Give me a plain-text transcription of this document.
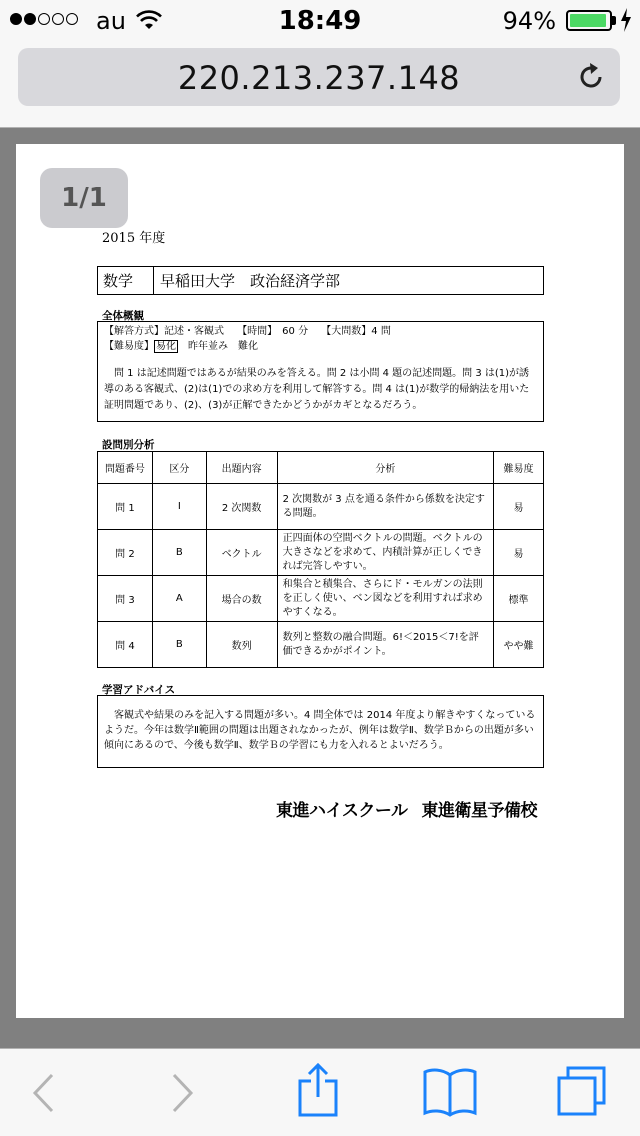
au	18:49	94%
220.213.237.148
1/1
2015 年度
数学	早稲田大学　政治経済学部
全体概観
【解答方式】記述・客観式 【時間】　60 分 【大問数】4 問
【難易度】 易化 昨年並み 難化
問 1 は記述問題ではあるが結果のみを答える。問 2 は小問 4 題の記述問題。問 3 は(1)が誘導のある客観式、(2)は(1)での求め方を利用して解答する。問 4 は(1)が数学的帰納法を用いた証明問題であり、(2)、(3)が正解できたかどうかがカギとなるだろう。
設問別分析
問題番号	区分	出題内容	分析	難易度
問 1	I	2 次関数	2 次関数が 3 点を通る条件から係数を決定する問題。	易
問 2	B	ベクトル	正四面体の空間ベクトルの問題。ベクトルの大きさなどを求めて、内積計算が正しくできれば完答しやすい。	易
問 3	A	場合の数	和集合と積集合、さらにド・モルガンの法則を正しく使い、ベン図などを利用すれば求めやすくなる。	標準
問 4	B	数列	数列と整数の融合問題。6!＜2015＜7!を評価できるかがポイント。	やや難
学習アドバイス
客観式や結果のみを記入する問題が多い。4 問全体では 2014 年度より解きやすくなっているようだ。今年は数学Ⅱ範囲の問題は出題されなかったが、例年は数学Ⅱ、数学Ｂからの出題が多い傾向にあるので、今後も数学Ⅱ、数学Ｂの学習にも力を入れるとよいだろう。
東進ハイスクール 東進衛星予備校
